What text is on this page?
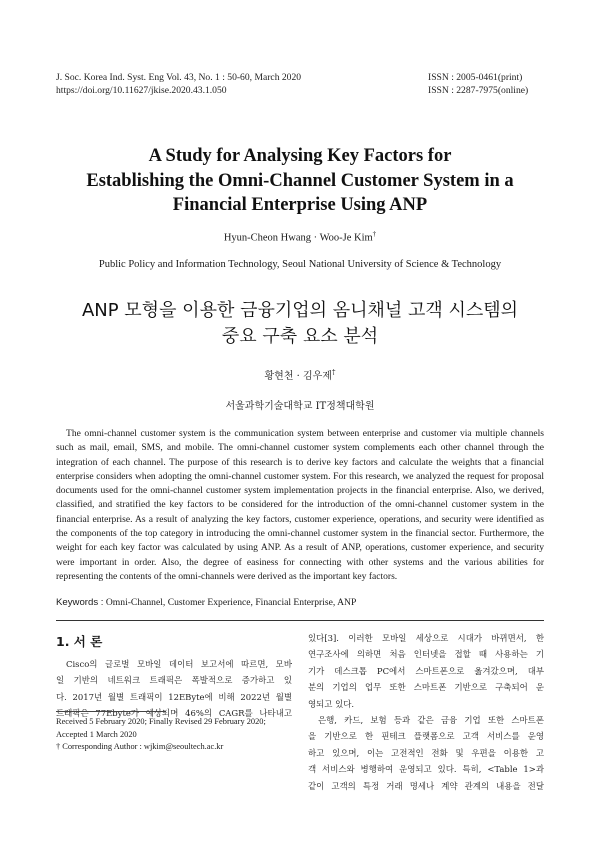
J. Soc. Korea Ind. Syst. Eng Vol. 43, No. 1 : 50-60, March 2020
https://doi.org/10.11627/jkise.2020.43.1.050
ISSN : 2005-0461(print)
ISSN : 2287-7975(online)
A Study for Analysing Key Factors for
Establishing the Omni-Channel Customer System in a
Financial Enterprise Using ANP
Hyun-Cheon Hwang · Woo-Je Kim†
Public Policy and Information Technology, Seoul National University of Science & Technology
ANP 모형을 이용한 금융기업의 옴니채널 고객 시스템의
중요 구축 요소 분석
황현천 · 김우제†
서울과학기술대학교 IT정책대학원
The omni-channel customer system is the communication system between enterprise and customer via multiple channels such as mail, email, SMS, and mobile. The omni-channel customer system complements each other channel through the integration of each channel. The purpose of this research is to derive key factors and calculate the weights that a financial enterprise considers when adopting the omni-channel customer system. For this research, we analyzed the request for proposal documents used for the omni-channel customer system implementation projects in the financial enterprise. Also, we derived, classified, and stratified the key factors to be considered for the introduction of the omni-channel customer system in the financial enterprise. As a result of analyzing the key factors, customer experience, operations, and security were identified as the components of the top category in introducing the omni-channel customer system in the financial sector. Furthermore, the weight for each key factor was calculated by using ANP. As a result of ANP, operations, customer experience, and security were important in order. Also, the degree of easiness for connecting with other systems and the various abilities for representing the contents of the omni-channels were derived as the important key factors.
Keywords : Omni-Channel, Customer Experience, Financial Enterprise, ANP
1. 서 론
Cisco의 글로벌 모바일 데이터 보고서에 따르면, 모바
일 기반의 네트워크 트래픽은 폭발적으로 증가하고 있
다. 2017년 월별 트래픽이 12EByte에 비해 2022년 월별
트래픽은 77Ebyte가 예상되며 46%의 CAGR를 나타내고
Received 5 February 2020; Finally Revised 29 February 2020;
Accepted 1 March 2020
† Corresponding Author : wjkim@seoultech.ac.kr
있다[3]. 이러한 모바일 세상으로 시대가 바뀌면서, 한
연구조사에 의하면 처음 인터넷을 접할 때 사용하는 기
기가 데스크톱 PC에서 스마트폰으로 옮겨갔으며, 대부
분의 기업의 업무 또한 스마트폰 기반으로 구축되어 운
영되고 있다.
은행, 카드, 보험 등과 같은 금융 기업 또한 스마트폰
을 기반으로 한 핀테크 플랫폼으로 고객 서비스를 운영
하고 있으며, 이는 고전적인 전화 및 우편을 이용한 고
객 서비스와 병행하여 운영되고 있다. 특히, <Table 1>과
같이 고객의 특정 거래 명세나 계약 관계의 내용을 전달
